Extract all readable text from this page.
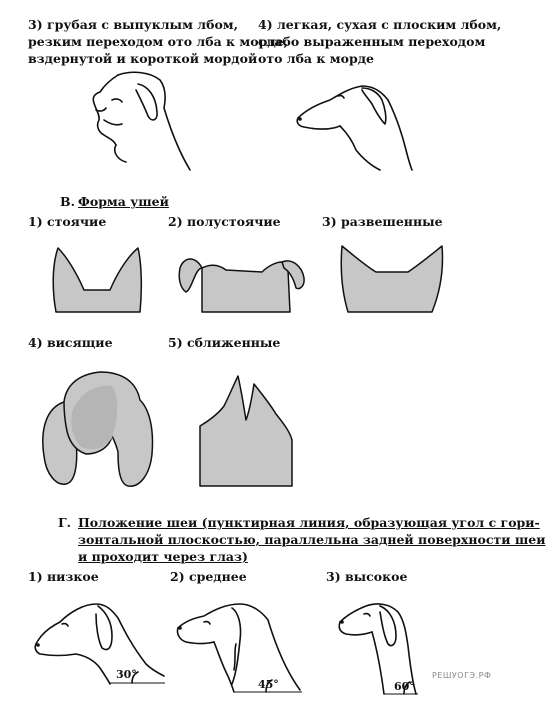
3) грубая с выпуклым лбом,
резким переходом ото лба к морде,
вздернутой и короткой мордой
4) легкая, сухая с плоским лбом,
слабо выраженным переходом
ото лба к морде
В. Форма ушей
1) стоячие	2) полустоячие	3) развешенные
4) висящие	5) сближенные
Г. Положение шеи (пунктирная линия, образующая угол с гори-
зонтальной плоскостью, параллельна задней поверхности шеи
и проходит через глаз)
1) низкое	2) среднее	3) высокое
30°
45°	60°
РЕШУОГЭ.РФ
